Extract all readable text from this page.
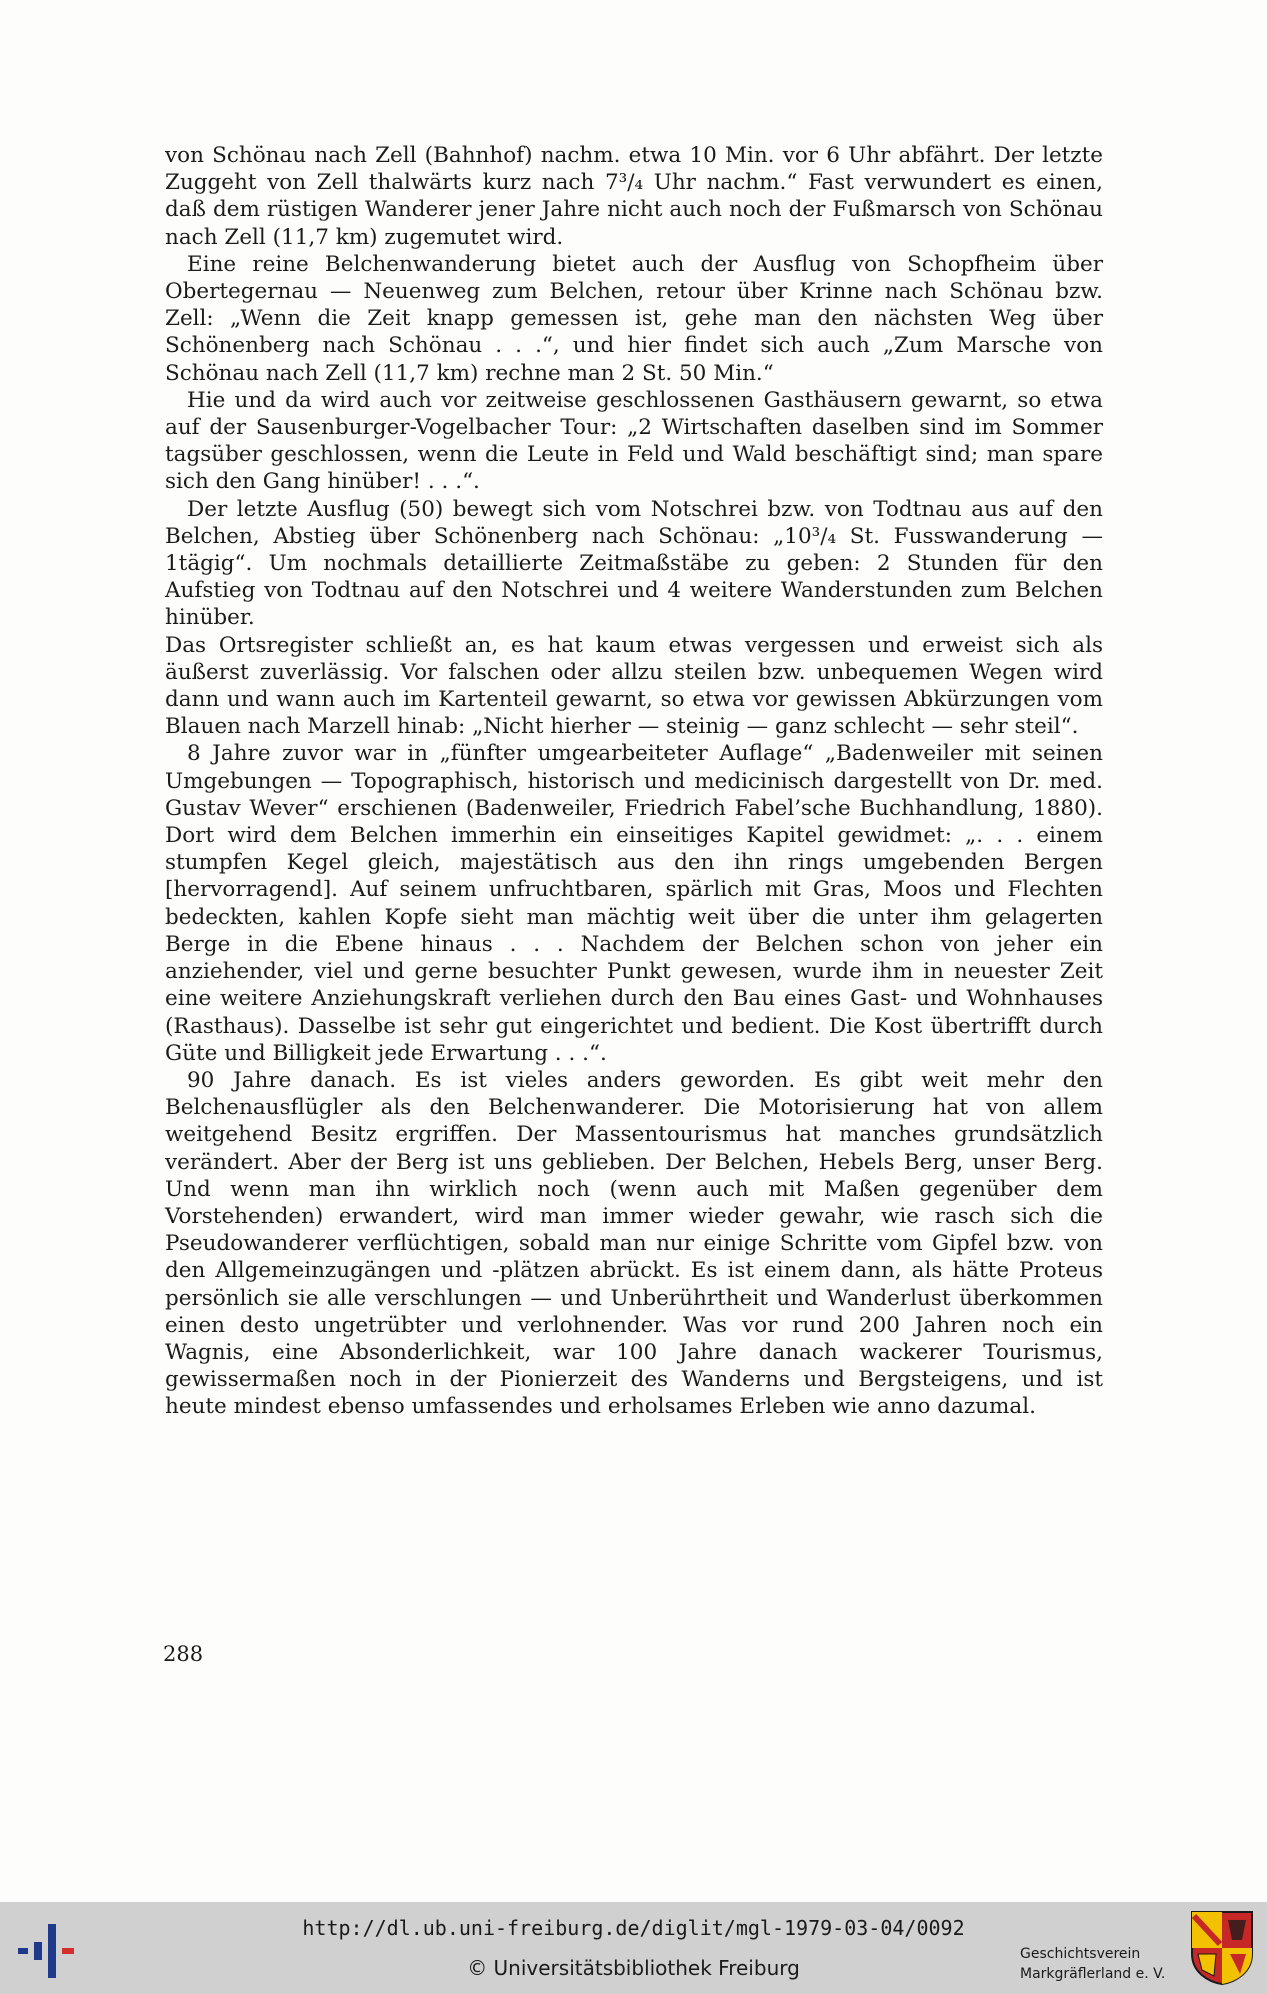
von Schönau nach Zell (Bahnhof) nachm. etwa 10 Min. vor 6 Uhr abfährt. Der letzte Zuggeht von Zell thalwärts kurz nach 7³/₄ Uhr nachm.“ Fast verwundert es einen, daß dem rüstigen Wanderer jener Jahre nicht auch noch der Fußmarsch von Schönau nach Zell (11,7 km) zugemutet wird.

Eine reine Belchenwanderung bietet auch der Ausflug von Schopfheim über Obertegernau — Neuenweg zum Belchen, retour über Krinne nach Schönau bzw. Zell: „Wenn die Zeit knapp gemessen ist, gehe man den nächsten Weg über Schönenberg nach Schönau . . .“, und hier findet sich auch „Zum Marsche von Schönau nach Zell (11,7 km) rechne man 2 St. 50 Min.“

Hie und da wird auch vor zeitweise geschlossenen Gasthäusern gewarnt, so etwa auf der Sausenburger-Vogelbacher Tour: „2 Wirtschaften daselben sind im Sommer tagsüber geschlossen, wenn die Leute in Feld und Wald beschäftigt sind; man spare sich den Gang hinüber! . . .“.

Der letzte Ausflug (50) bewegt sich vom Notschrei bzw. von Todtnau aus auf den Belchen, Abstieg über Schönenberg nach Schönau: „10³/₄ St. Fusswanderung — 1tägig“. Um nochmals detaillierte Zeitmaßstäbe zu geben: 2 Stunden für den Aufstieg von Todtnau auf den Notschrei und 4 weitere Wanderstunden zum Belchen hinüber.

Das Ortsregister schließt an, es hat kaum etwas vergessen und erweist sich als äußerst zuverlässig. Vor falschen oder allzu steilen bzw. unbequemen Wegen wird dann und wann auch im Kartenteil gewarnt, so etwa vor gewissen Abkürzungen vom Blauen nach Marzell hinab: „Nicht hierher — steinig — ganz schlecht — sehr steil“.

8 Jahre zuvor war in „fünfter umgearbeiteter Auflage“ „Badenweiler mit seinen Umgebungen — Topographisch, historisch und medicinisch dargestellt von Dr. med. Gustav Wever“ erschienen (Badenweiler, Friedrich Fabel’sche Buchhandlung, 1880). Dort wird dem Belchen immerhin ein einseitiges Kapitel gewidmet: „. . . einem stumpfen Kegel gleich, majestätisch aus den ihn rings umgebenden Bergen [hervorragend]. Auf seinem unfruchtbaren, spärlich mit Gras, Moos und Flechten bedeckten, kahlen Kopfe sieht man mächtig weit über die unter ihm gelagerten Berge in die Ebene hinaus . . . Nachdem der Belchen schon von jeher ein anziehender, viel und gerne besuchter Punkt gewesen, wurde ihm in neuester Zeit eine weitere Anziehungskraft verliehen durch den Bau eines Gast- und Wohnhauses (Rasthaus). Dasselbe ist sehr gut eingerichtet und bedient. Die Kost übertrifft durch Güte und Billigkeit jede Erwartung . . .“.

90 Jahre danach. Es ist vieles anders geworden. Es gibt weit mehr den Belchenausflügler als den Belchenwanderer. Die Motorisierung hat von allem weitgehend Besitz ergriffen. Der Massentourismus hat manches grundsätzlich verändert. Aber der Berg ist uns geblieben. Der Belchen, Hebels Berg, unser Berg. Und wenn man ihn wirklich noch (wenn auch mit Maßen gegenüber dem Vorstehenden) erwandert, wird man immer wieder gewahr, wie rasch sich die Pseudowanderer verflüchtigen, sobald man nur einige Schritte vom Gipfel bzw. von den Allgemeinzugängen und -plätzen abrückt. Es ist einem dann, als hätte Proteus persönlich sie alle verschlungen — und Unberührtheit und Wanderlust überkommen einen desto ungetrübter und verlohnender. Was vor rund 200 Jahren noch ein Wagnis, eine Absonderlichkeit, war 100 Jahre danach wackerer Tourismus, gewissermaßen noch in der Pionierzeit des Wanderns und Bergsteigens, und ist heute mindest ebenso umfassendes und erholsames Erleben wie anno dazumal.

288
http://dl.ub.uni-freiburg.de/diglit/mgl-1979-03-04/0092
© Universitätsbibliothek Freiburg
Geschichtsverein
Markgräflerland e. V.
